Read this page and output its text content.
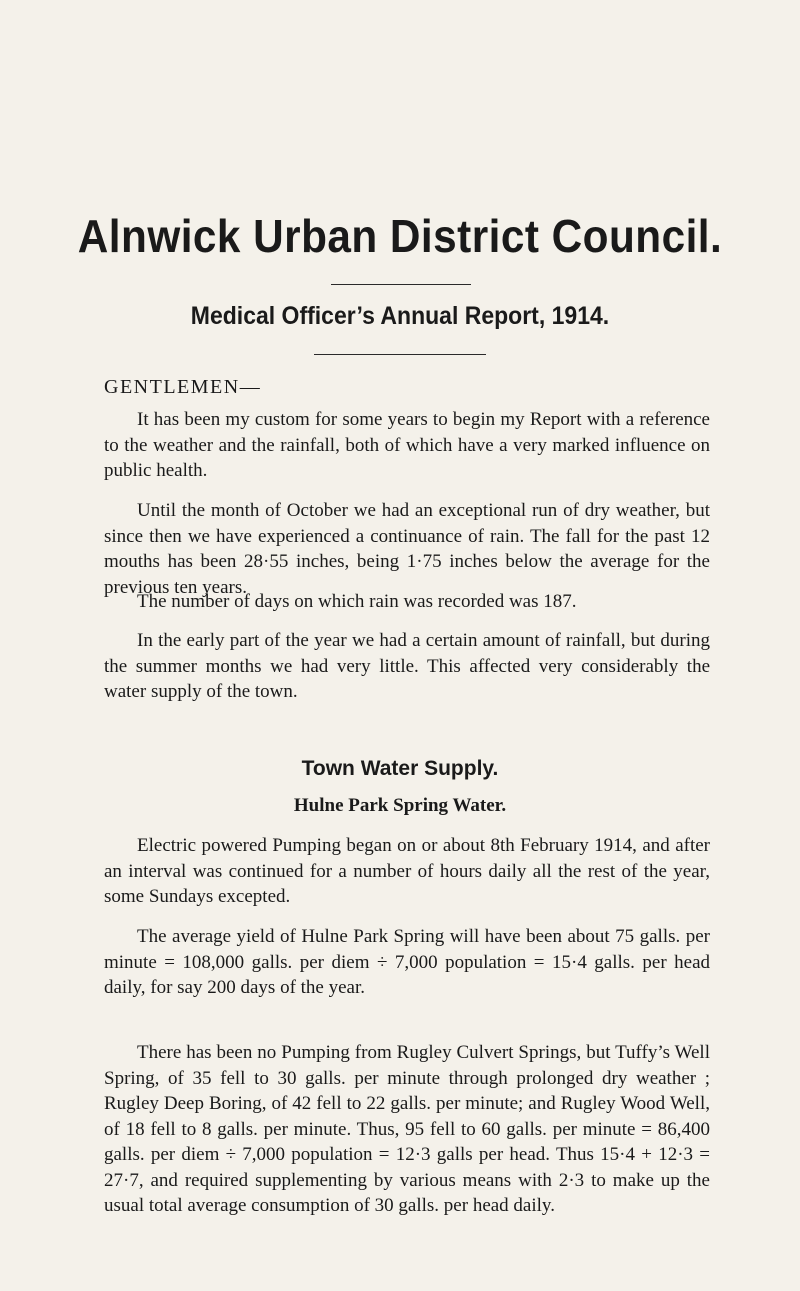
Alnwick Urban District Council.
Medical Officer’s Annual Report, 1914.

GENTLEMEN—

It has been my custom for some years to begin my Report with a reference to the weather and the rainfall, both of which have a very marked influence on public health.

Until the month of October we had an exceptional run of dry weather, but since then we have experienced a continuance of rain. The fall for the past 12 mouths has been 28·55 inches, being 1·75 inches below the average for the previous ten years.

The number of days on which rain was recorded was 187.

In the early part of the year we had a certain amount of rainfall, but during the summer months we had very little. This affected very considerably the water supply of the town.

Town Water Supply.
Hulne Park Spring Water.

Electric powered Pumping began on or about 8th February 1914, and after an interval was continued for a number of hours daily all the rest of the year, some Sundays excepted.

The average yield of Hulne Park Spring will have been about 75 galls. per minute = 108,000 galls. per diem ÷ 7,000 population = 15·4 galls. per head daily, for say 200 days of the year.

There has been no Pumping from Rugley Culvert Springs, but Tuffy’s Well Spring, of 35 fell to 30 galls. per minute through prolonged dry weather ; Rugley Deep Boring, of 42 fell to 22 galls. per minute; and Rugley Wood Well, of 18 fell to 8 galls. per minute. Thus, 95 fell to 60 galls. per minute = 86,400 galls. per diem ÷ 7,000 population = 12·3 galls per head. Thus 15·4 + 12·3 = 27·7, and required supplementing by various means with 2·3 to make up the usual total average consumption of 30 galls. per head daily.
